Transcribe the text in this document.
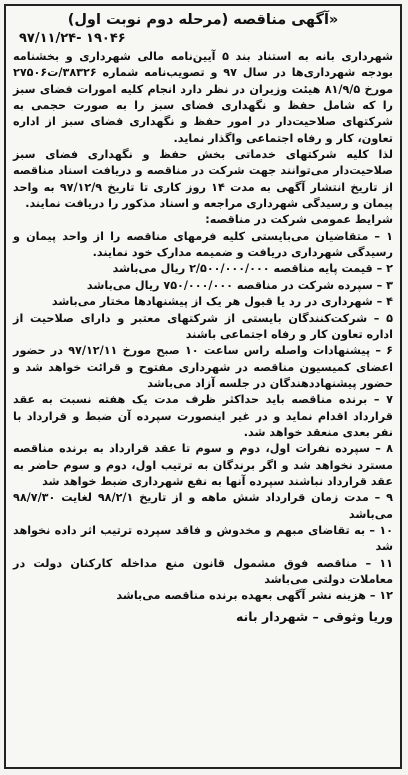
«آگهی مناقصه (مرحله دوم نوبت اول)
۹۷/۱۱/۲۴- ۱۹۰۴۶

شهرداری بانه به استناد بند ۵ آیین‌نامه مالی شهرداری و بخشنامه بودجه شهرداری‌ها در سال ۹۷ و تصویب‌نامه شماره ۳۸۳۲۶/ت۲۷۵۰۶ مورخ ۸۱/۹/۵ هیئت وزیران در نظر دارد انجام کلیه امورات فضای سبز را که شامل حفظ و نگهداری فضای سبز را به صورت حجمی به شرکتهای صلاحیت‌دار در امور حفظ و نگهداری فضای سبز از اداره تعاون، کار و رفاه اجتماعی واگذار نماید.

لذا کلیه شرکتهای خدماتی بخش حفظ و نگهداری فضای سبز صلاحیت‌دار می‌توانند جهت شرکت در مناقصه و دریافت اسناد مناقصه از تاریخ انتشار آگهی به مدت ۱۴ روز کاری تا تاریخ ۹۷/۱۲/۹ به واحد پیمان و رسیدگی شهرداری مراجعه و اسناد مذکور را دریافت نمایند.

شرایط عمومی شرکت در مناقصه:

۱ – متقاضیان می‌بایستی کلیه فرمهای مناقصه را از واحد پیمان و رسیدگی شهرداری دریافت و ضمیمه مدارک خود نمایند.

۲ – قیمت پایه مناقصه ۲/۵۰۰/۰۰۰/۰۰۰ ریال می‌باشد

۳ – سپرده شرکت در مناقصه ۷۵۰/۰۰۰/۰۰۰ ریال می‌باشد

۴ – شهرداری در رد یا قبول هر یک از پیشنهادها مختار می‌باشد

۵ – شرکت‌کنندگان بایستی از شرکتهای معتبر و دارای صلاحیت از اداره تعاون کار و رفاه اجتماعی باشند

۶ – پیشنهادات واصله راس ساعت ۱۰ صبح مورخ ۹۷/۱۲/۱۱ در حضور اعضای کمیسیون مناقصه در شهرداری مفتوح و قرائت خواهد شد و حضور پیشنهاددهندگان در جلسه آزاد می‌باشد

۷ – برنده مناقصه باید حداکثر ظرف مدت یک هفته نسبت به عقد قرارداد اقدام نماید و در غیر اینصورت سپرده آن ضبط و قرارداد با نفر بعدی منعقد خواهد شد.

۸ – سپرده نفرات اول، دوم و سوم تا عقد قرارداد به برنده مناقصه مسترد نخواهد شد و اگر برندگان به ترتیب اول، دوم و سوم حاضر به عقد قرارداد نباشند سپرده آنها به نفع شهرداری ضبط خواهد شد

۹ – مدت زمان قرارداد شش ماهه و از تاریخ ۹۸/۲/۱ لغایت ۹۸/۷/۳۰ می‌باشد

۱۰ – به تقاضای مبهم و مخدوش و فاقد سپرده ترتیب اثر داده نخواهد شد

۱۱ – مناقصه فوق مشمول قانون منع مداخله کارکنان دولت در معاملات دولتی می‌باشد

۱۲ – هزینه نشر آگهی بعهده برنده مناقصه می‌باشد

وریا وثوقی – شهردار بانه
